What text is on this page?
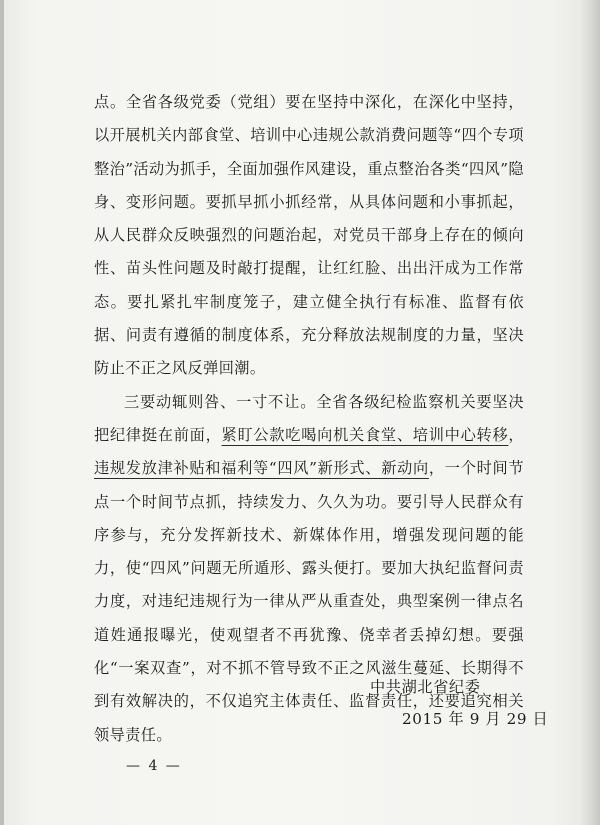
点。全省各级党委（党组）要在坚持中深化，在深化中坚持，以开展机关内部食堂、培训中心违规公款消费问题等“四个专项整治”活动为抓手，全面加强作风建设，重点整治各类“四风”隐身、变形问题。要抓早抓小抓经常，从具体问题和小事抓起，从人民群众反映强烈的问题治起，对党员干部身上存在的倾向性、苗头性问题及时敲打提醒，让红红脸、出出汗成为工作常态。要扎紧扎牢制度笼子，建立健全执行有标准、监督有依据、问责有遵循的制度体系，充分释放法规制度的力量，坚决防止不正之风反弹回潮。

三要动辄则咎、一寸不让。全省各级纪检监察机关要坚决把纪律挺在前面，紧盯公款吃喝向机关食堂、培训中心转移，违规发放津补贴和福利等“四风”新形式、新动向，一个时间节点一个时间节点抓，持续发力、久久为功。要引导人民群众有序参与，充分发挥新技术、新媒体作用，增强发现问题的能力，使“四风”问题无所遁形、露头便打。要加大执纪监督问责力度，对违纪违规行为一律从严从重查处，典型案例一律点名道姓通报曝光，使观望者不再犹豫、侥幸者丢掉幻想。要强化“一案双查”，对不抓不管导致不正之风滋生蔓延、长期得不到有效解决的，不仅追究主体责任、监督责任，还要追究相关领导责任。

中共湖北省纪委
2015 年 9 月 29 日
— 4 —
